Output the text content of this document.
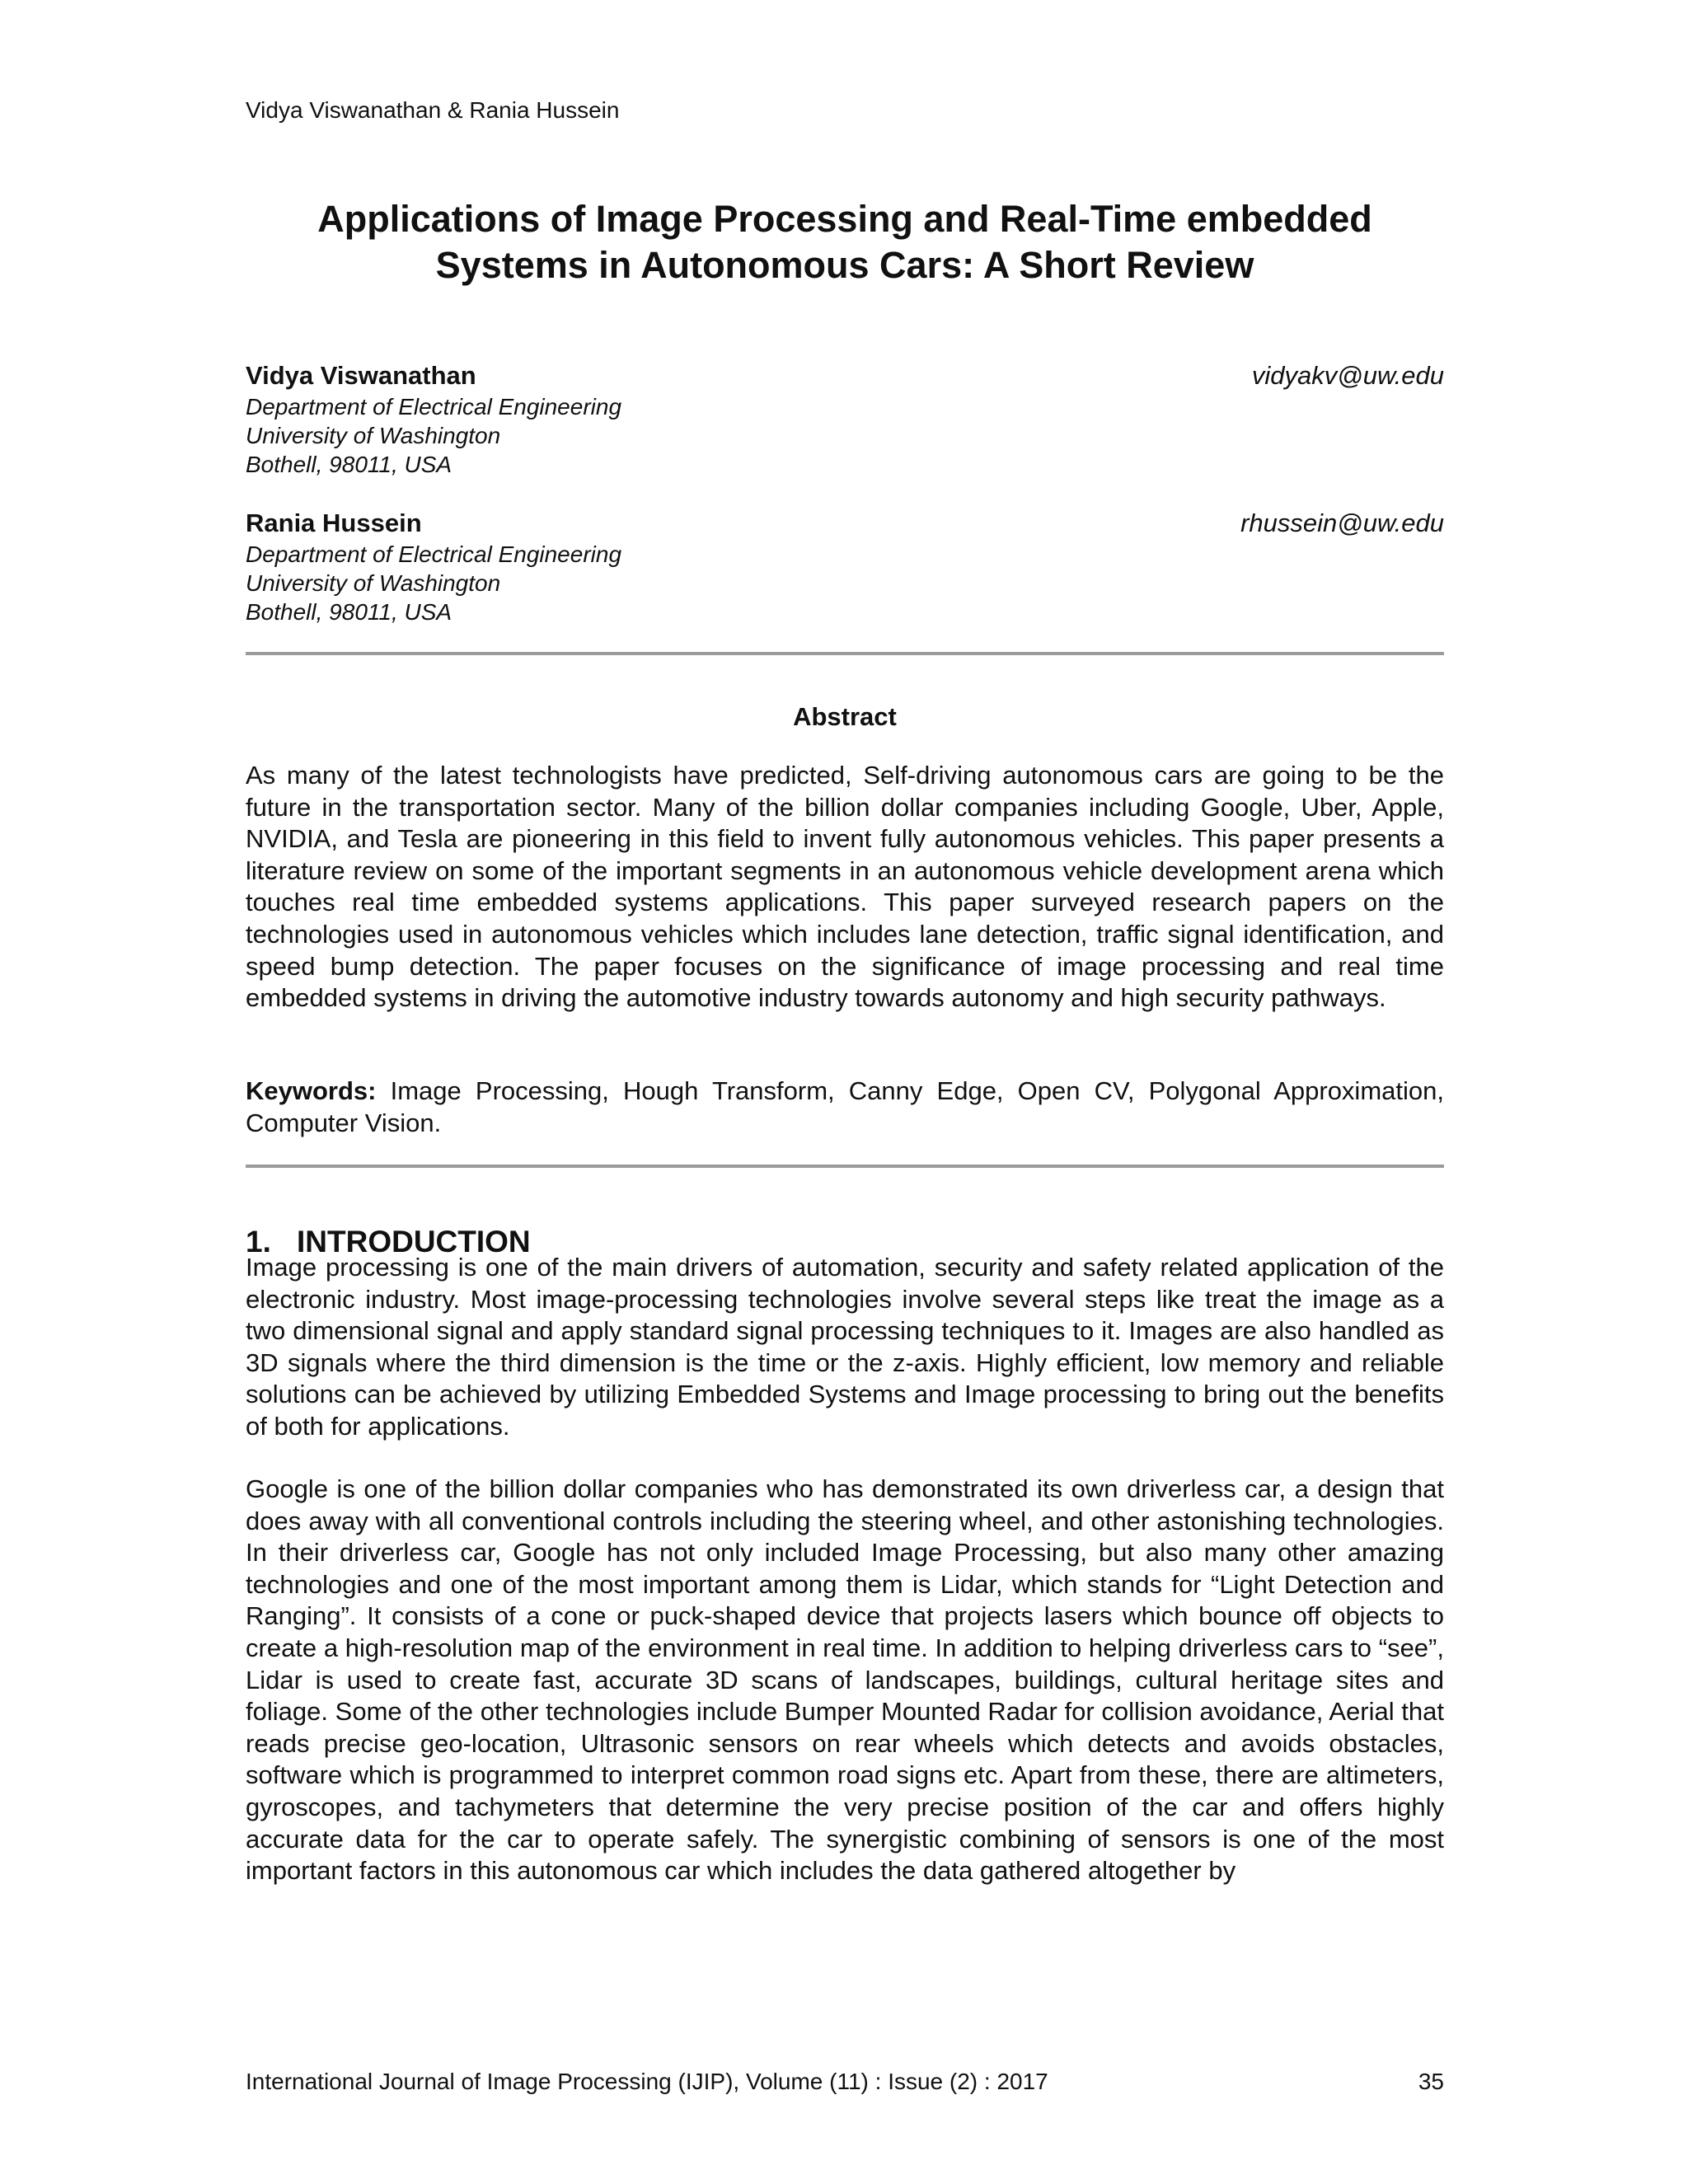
Vidya Viswanathan & Rania Hussein
Applications of Image Processing and Real-Time embedded
Systems in Autonomous Cars: A Short Review
Vidya Viswanathan	vidyakv@uw.edu
Department of Electrical Engineering
University of Washington
Bothell, 98011, USA
Rania Hussein	rhussein@uw.edu
Department of Electrical Engineering
University of Washington
Bothell, 98011, USA
Abstract
As many of the latest technologists have predicted, Self-driving autonomous cars are going to be the future in the transportation sector. Many of the billion dollar companies including Google, Uber, Apple, NVIDIA, and Tesla are pioneering in this field to invent fully autonomous vehicles. This paper presents a literature review on some of the important segments in an autonomous vehicle development arena which touches real time embedded systems applications. This paper surveyed research papers on the technologies used in autonomous vehicles which includes lane detection, traffic signal identification, and speed bump detection. The paper focuses on the significance of image processing and real time embedded systems in driving the automotive industry towards autonomy and high security pathways.
Keywords: Image Processing, Hough Transform, Canny Edge, Open CV, Polygonal Approximation, Computer Vision.
1. INTRODUCTION
Image processing is one of the main drivers of automation, security and safety related application of the electronic industry. Most image-processing technologies involve several steps like treat the image as a two dimensional signal and apply standard signal processing techniques to it. Images are also handled as 3D signals where the third dimension is the time or the z-axis. Highly efficient, low memory and reliable solutions can be achieved by utilizing Embedded Systems and Image processing to bring out the benefits of both for applications.
Google is one of the billion dollar companies who has demonstrated its own driverless car, a design that does away with all conventional controls including the steering wheel, and other astonishing technologies. In their driverless car, Google has not only included Image Processing, but also many other amazing technologies and one of the most important among them is Lidar, which stands for “Light Detection and Ranging”. It consists of a cone or puck-shaped device that projects lasers which bounce off objects to create a high-resolution map of the environment in real time. In addition to helping driverless cars to “see”, Lidar is used to create fast, accurate 3D scans of landscapes, buildings, cultural heritage sites and foliage. Some of the other technologies include Bumper Mounted Radar for collision avoidance, Aerial that reads precise geo-location, Ultrasonic sensors on rear wheels which detects and avoids obstacles, software which is programmed to interpret common road signs etc. Apart from these, there are altimeters, gyroscopes, and tachymeters that determine the very precise position of the car and offers highly accurate data for the car to operate safely. The synergistic combining of sensors is one of the most important factors in this autonomous car which includes the data gathered altogether by
International Journal of Image Processing (IJIP), Volume (11) : Issue (2) : 2017	35
